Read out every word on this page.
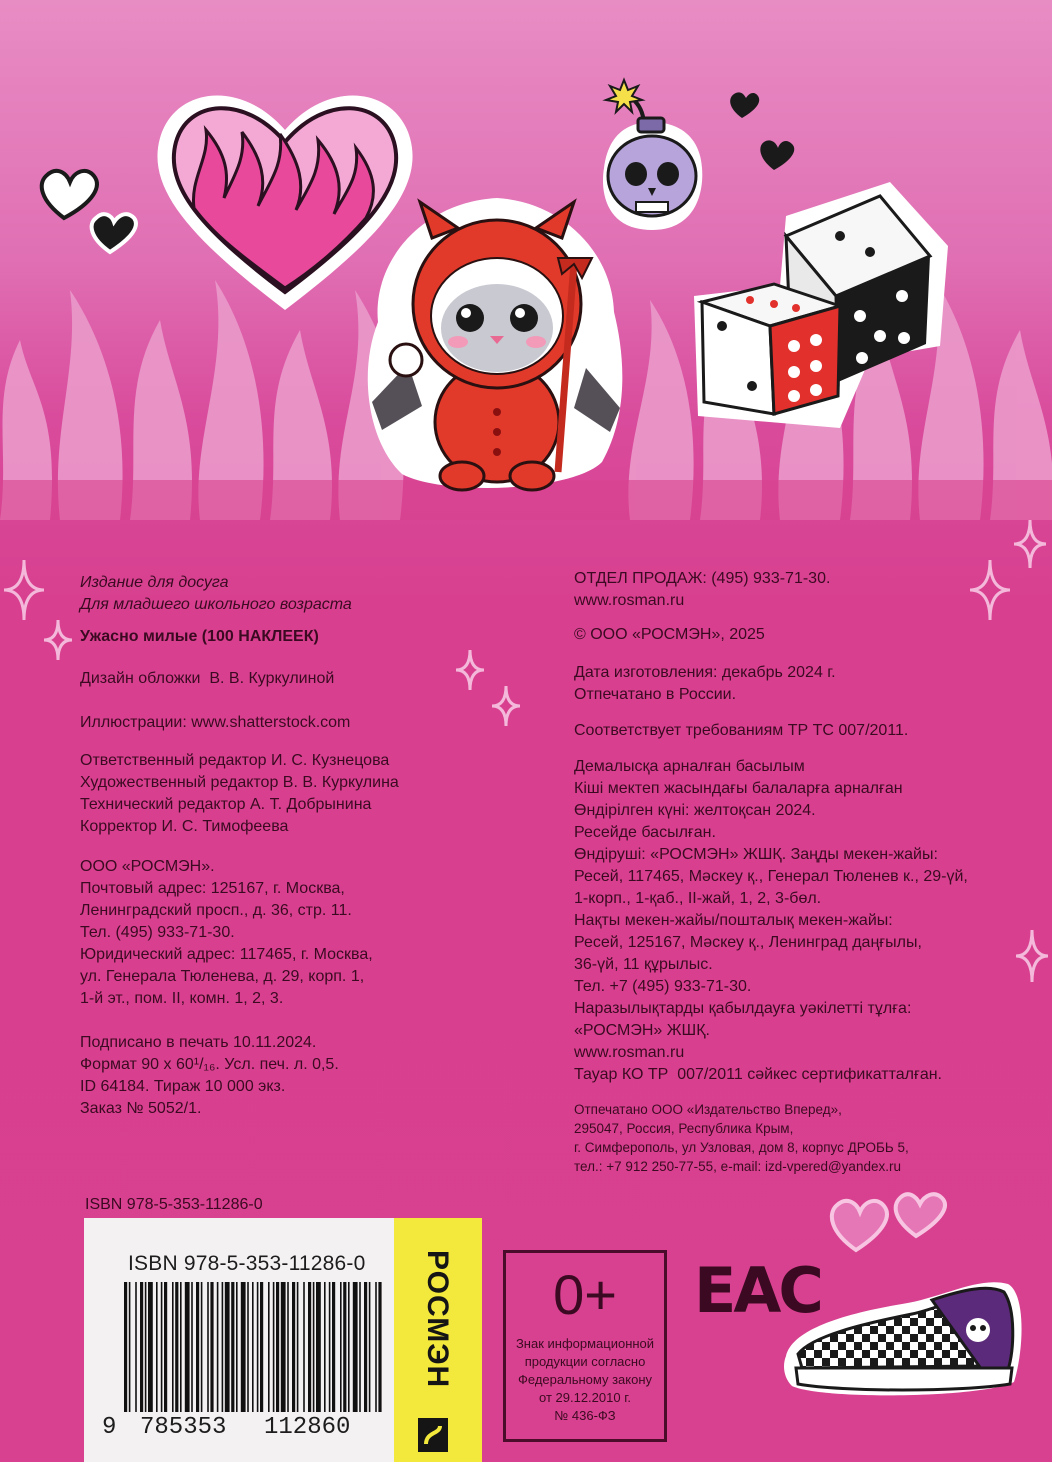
Издание для досуга

Для младшего школьного возраста

Ужасно милые (100 НАКЛЕЕК)

Дизайн обложки  В. В. Куркулиной

Иллюстрации: www.shatterstock.com

Ответственный редактор И. С. Кузнецова

Художественный редактор В. В. Куркулина

Технический редактор А. Т. Добрынина

Корректор И. С. Тимофеева

ООО «РОСМЭН».

Почтовый адрес: 125167, г. Москва,

Ленинградский просп., д. 36, стр. 11.

Тел. (495) 933-71-30.

Юридический адрес: 117465, г. Москва,

ул. Генерала Тюленева, д. 29, корп. 1,

1-й эт., пом. II, комн. 1, 2, 3.

Подписано в печать 10.11.2024.

Формат 90 x 60¹/₁₆. Усл. печ. л. 0,5.

ID 64184. Тираж 10 000 экз.

Заказ № 5052/1.

ОТДЕЛ ПРОДАЖ: (495) 933-71-30.

www.rosman.ru

© ООО «РОСМЭН», 2025

Дата изготовления: декабрь 2024 г.

Отпечатано в России.

Соответствует требованиям ТР ТС 007/2011.

Демалысқа арналған басылым

Кіші мектеп жасындағы балаларға арналған

Өндірілген күні: желтоқсан 2024.

Ресейде басылған.

Өндіруші: «РОСМЭН» ЖШҚ. Заңды мекен-жайы:

Ресей, 117465, Мәскеу қ., Генерал Тюленев к., 29-үй,

1-корп., 1-қаб., II-жай, 1, 2, 3-бөл.

Нақты мекен-жайы/пошталық мекен-жайы:

Ресей, 125167, Мәскеу қ., Ленинград даңғылы,

36-үй, 11 құрылыс.

Тел. +7 (495) 933-71-30.

Наразылықтарды қабылдауға уәкілетті тұлға:

«РОСМЭН» ЖШҚ.

www.rosman.ru

Тауар КО ТР  007/2011 сәйкес сертификатталған.

Отпечатано ООО «Издательство Вперед»,

295047, Россия, Республика Крым,

г. Симферополь, ул Узловая, дом 8, корпус ДРОБЬ 5,

тел.: +7 912 250-77-55, e-mail: izd-vpered@yandex.ru

ISBN 978-5-353-11286-0
ISBN 978-5-353-11286-0
9 785353 112860
РОСМЭН	0+
Знак информационной
продукции согласно
Федеральному закону
от 29.12.2010 г.
№ 436-ФЗ
EAC
